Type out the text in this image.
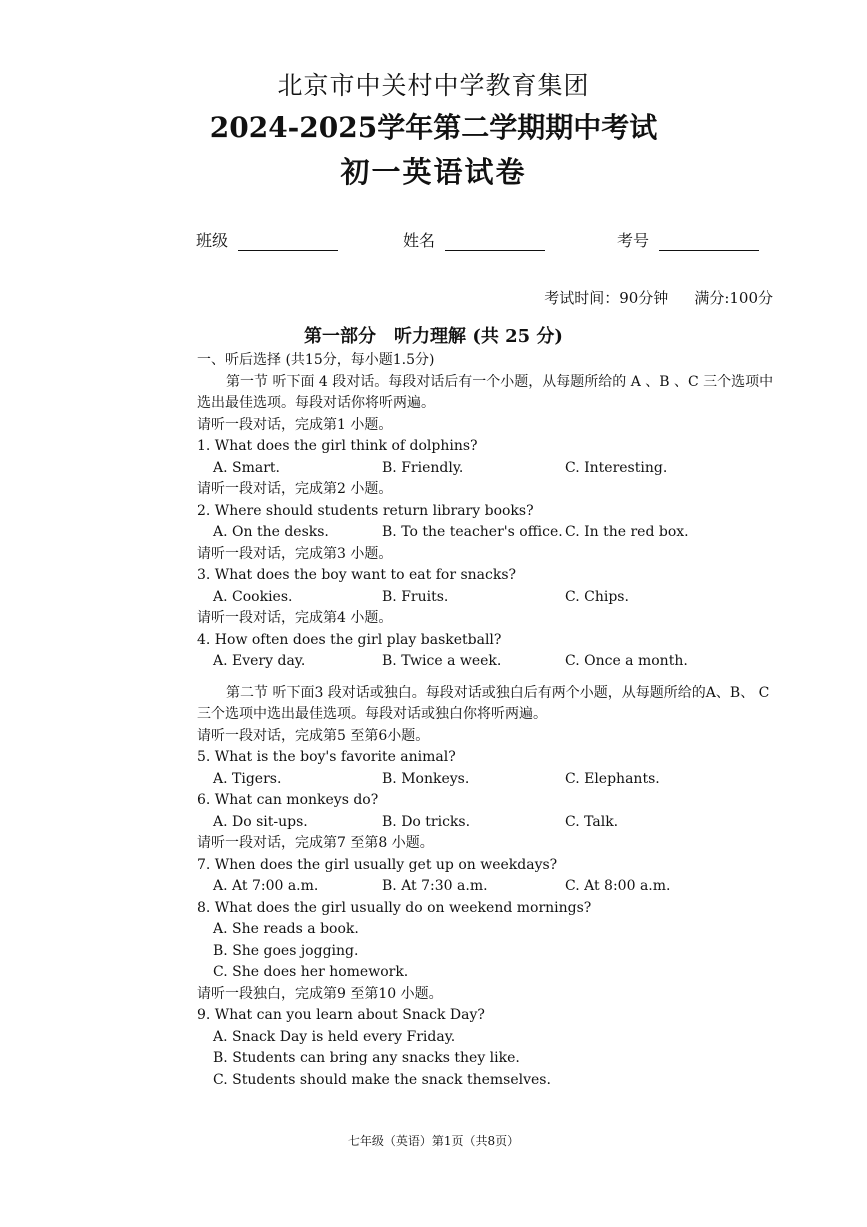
北京市中关村中学教育集团
2024-2025学年第二学期期中考试
初一英语试卷
班级	姓名	考号
考试时间：90分钟 满分:100分
第一部分　听力理解 (共 25 分)
一、听后选择 (共15分，每小题1.5分)
第一节 听下面 4 段对话。每段对话后有一个小题，从每题所给的 A 、B 、C 三个选项中选出最佳选项。每段对话你将听两遍。
请听一段对话，完成第1 小题。
1. What does the girl think of dolphins?
A. Smart.	B. Friendly.	C. Interesting.
请听一段对话，完成第2 小题。
2. Where should students return library books?
A. On the desks.	B. To the teacher's office. C. In the red box.
请听一段对话，完成第3 小题。
3. What does the boy want to eat for snacks?
A. Cookies.	B. Fruits.	C. Chips.
请听一段对话，完成第4 小题。
4. How often does the girl play basketball?
A. Every day.	B. Twice a week.	C. Once a month.
第二节 听下面3 段对话或独白。每段对话或独白后有两个小题，从每题所给的A、B、 C 三个选项中选出最佳选项。每段对话或独白你将听两遍。
请听一段对话，完成第5 至第6小题。
5. What is the boy's favorite animal?
A. Tigers.	B. Monkeys.	C. Elephants.
6. What can monkeys do?
A. Do sit-ups.	B. Do tricks.	C. Talk.
请听一段对话，完成第7 至第8 小题。
7. When does the girl usually get up on weekdays?
A. At 7:00 a.m.	B. At 7:30 a.m.	C. At 8:00 a.m.
8. What does the girl usually do on weekend mornings?
A. She reads a book.
B. She goes jogging.
C. She does her homework.
请听一段独白，完成第9 至第10 小题。
9. What can you learn about Snack Day?
A. Snack Day is held every Friday.
B. Students can bring any snacks they like.
C. Students should make the snack themselves.
七年级（英语）第1页（共8页）
